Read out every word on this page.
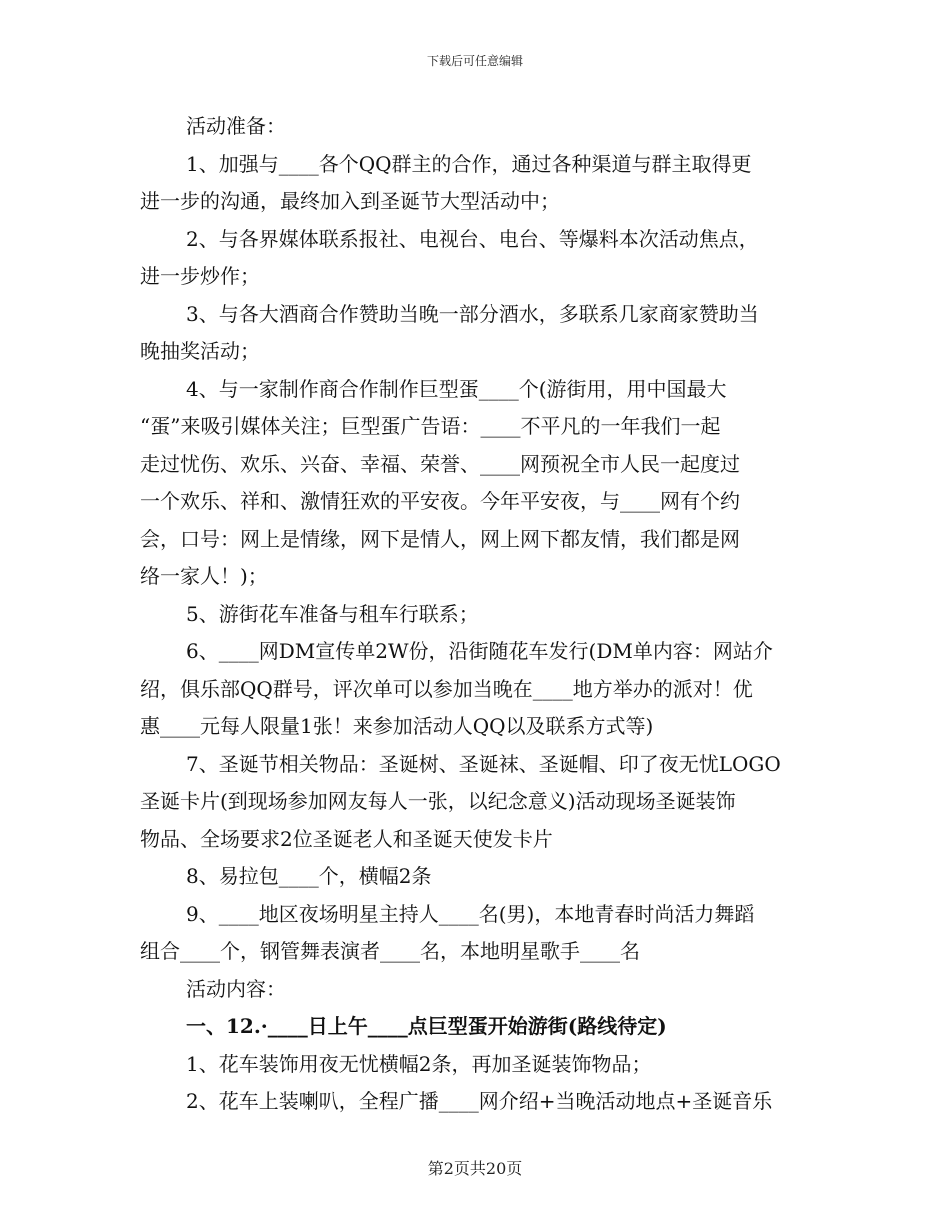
下载后可任意编辑
活动准备：
1、加强与____各个QQ群主的合作，通过各种渠道与群主取得更
进一步的沟通，最终加入到圣诞节大型活动中；
2、与各界媒体联系报社、电视台、电台、等爆料本次活动焦点，
进一步炒作；
3、与各大酒商合作赞助当晚一部分酒水，多联系几家商家赞助当
晚抽奖活动；
4、与一家制作商合作制作巨型蛋____个(游街用，用中国最大
“蛋”来吸引媒体关注；巨型蛋广告语：____不平凡的一年我们一起
走过忧伤、欢乐、兴奋、幸福、荣誉、____网预祝全市人民一起度过
一个欢乐、祥和、激情狂欢的平安夜。今年平安夜，与____网有个约
会，口号：网上是情缘，网下是情人，网上网下都友情，我们都是网
络一家人！)；
5、游街花车准备与租车行联系；
6、____网DM宣传单2W份，沿街随花车发行(DM单内容：网站介
绍，俱乐部QQ群号，评次单可以参加当晚在____地方举办的派对！优
惠____元每人限量1张！来参加活动人QQ以及联系方式等)
7、圣诞节相关物品：圣诞树、圣诞袜、圣诞帽、印了夜无忧LOGO
圣诞卡片(到现场参加网友每人一张，以纪念意义)活动现场圣诞装饰
物品、全场要求2位圣诞老人和圣诞天使发卡片
8、易拉包____个，横幅2条
9、____地区夜场明星主持人____名(男)，本地青春时尚活力舞蹈
组合____个，钢管舞表演者____名，本地明星歌手____名
活动内容：
一、12.·____日上午____点巨型蛋开始游街(路线待定)
1、花车装饰用夜无忧横幅2条，再加圣诞装饰物品；
2、花车上装喇叭，全程广播____网介绍+当晚活动地点+圣诞音乐
第2页共20页
